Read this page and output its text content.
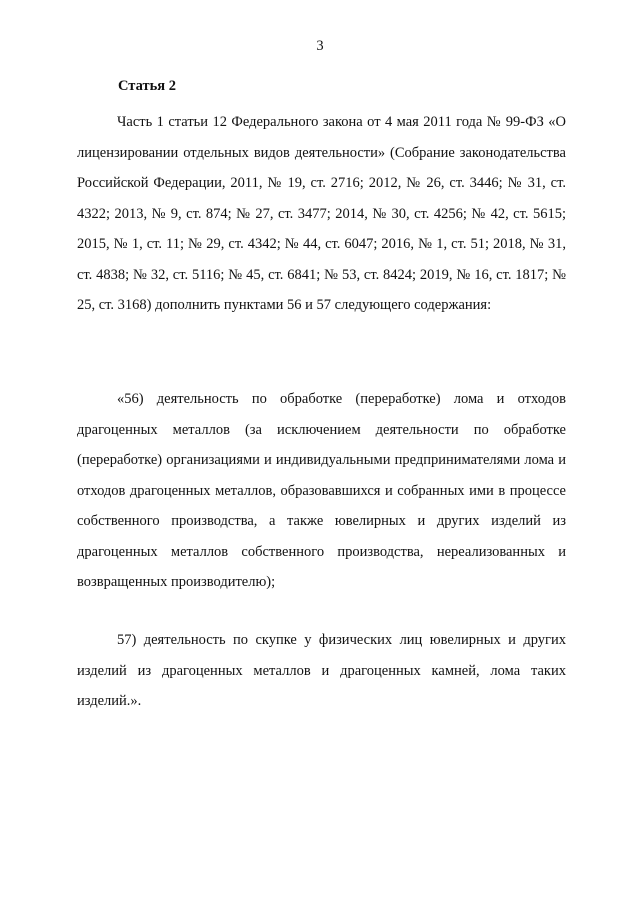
3
Статья 2

Часть 1 статьи 12 Федерального закона от 4 мая 2011 года № 99-ФЗ «О лицензировании отдельных видов деятельности» (Собрание законодательства Российской Федерации, 2011, № 19, ст. 2716; 2012, № 26, ст. 3446; № 31, ст. 4322; 2013, № 9, ст. 874; № 27, ст. 3477; 2014, № 30, ст. 4256; № 42, ст. 5615; 2015, № 1, ст. 11; № 29, ст. 4342; № 44, ст. 6047; 2016, № 1, ст. 51; 2018, № 31, ст. 4838; № 32, ст. 5116; № 45, ст. 6841; № 53, ст. 8424; 2019, № 16, ст. 1817; № 25, ст. 3168) дополнить пунктами 56 и 57 следующего содержания:

«56) деятельность по обработке (переработке) лома и отходов драгоценных металлов (за исключением деятельности по обработке (переработке) организациями и индивидуальными предпринимателями лома и отходов драгоценных металлов, образовавшихся и собранных ими в процессе собственного производства, а также ювелирных и других изделий из драгоценных металлов собственного производства, нереализованных и возвращенных производителю);

57) деятельность по скупке у физических лиц ювелирных и других изделий из драгоценных металлов и драгоценных камней, лома таких изделий.».
